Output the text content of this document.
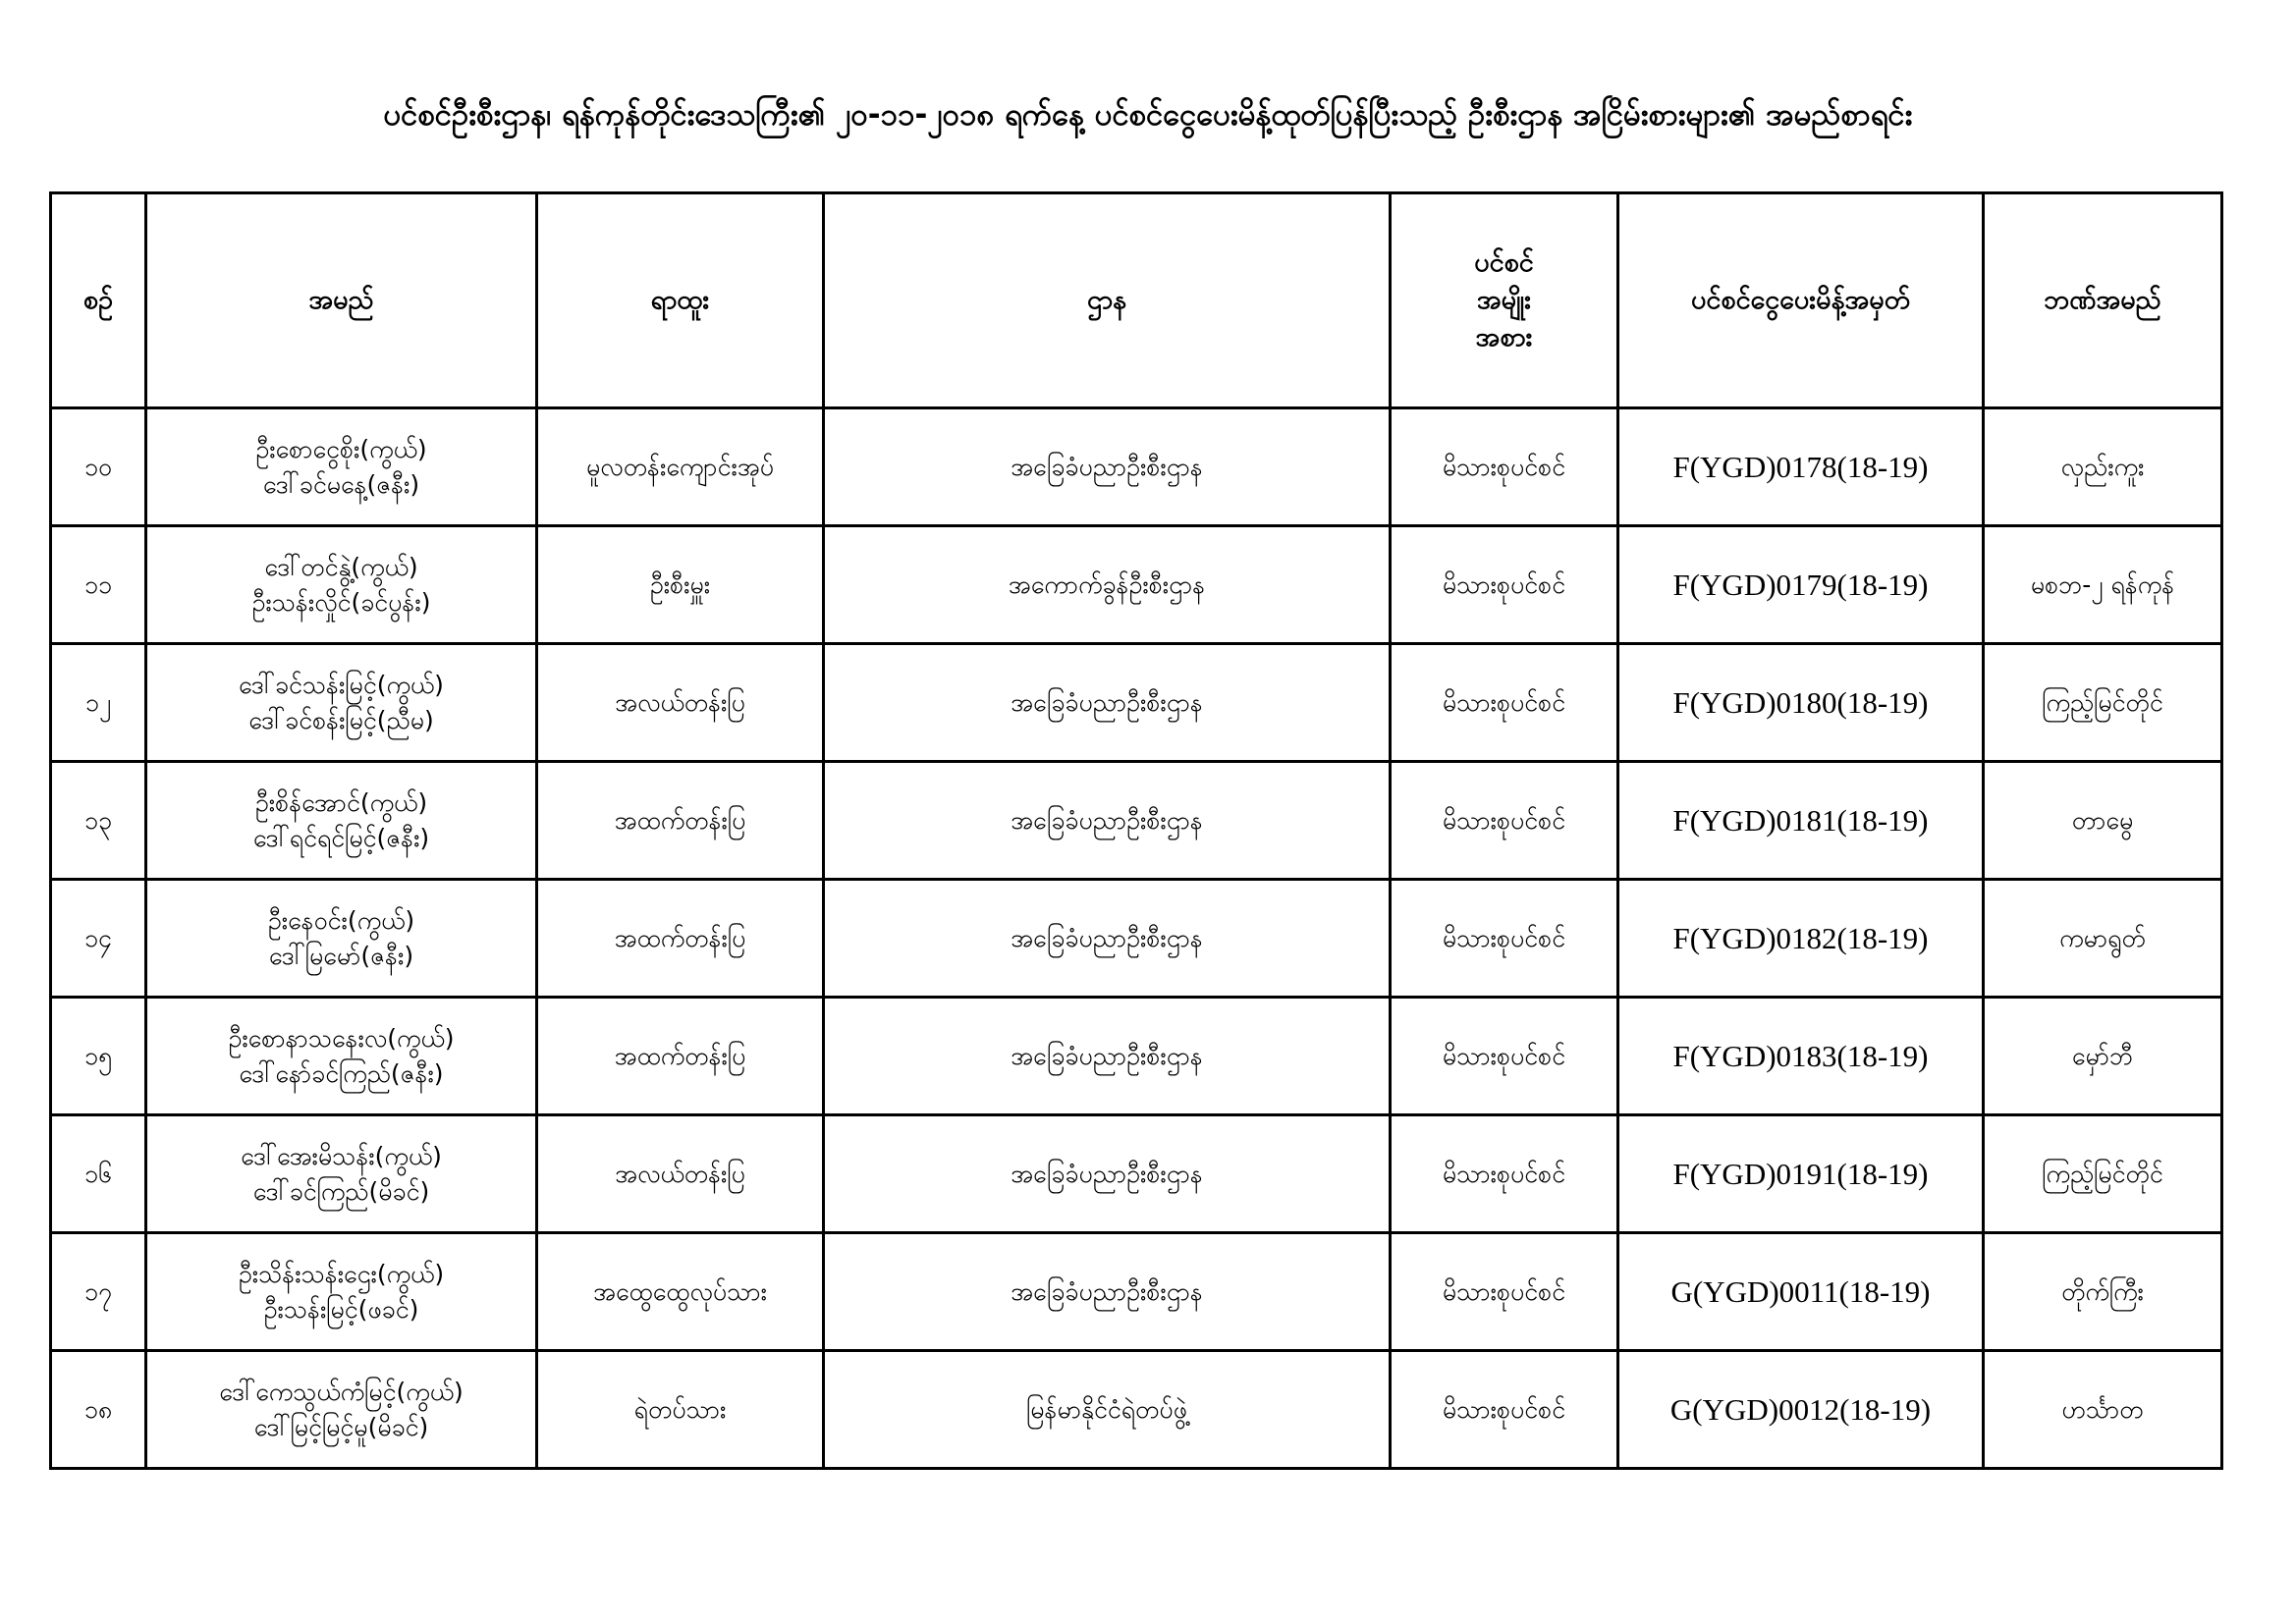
ပင်စင်ဦးစီးဌာန၊ ရန်ကုန်တိုင်းဒေသကြီး၏ ၂၀-၁၁-၂၀၁၈ ရက်နေ့ ပင်စင်ငွေပေးမိန့်ထုတ်ပြန်ပြီးသည့် ဦးစီးဌာန အငြိမ်းစားများ၏ အမည်စာရင်း
စဉ်	အမည်	ရာထူး	ဌာန	ပင်စင်
အမျိုး
အစား	ပင်စင်ငွေပေးမိန့်အမှတ်	ဘဏ်အမည်
၁၀	ဦးစောငွေစိုး(ကွယ်)
ဒေါ်ခင်မနေ့(ဇနီး)	မူလတန်းကျောင်းအုပ်	အခြေခံပညာဦးစီးဌာန	မိသားစုပင်စင်	F(YGD)0178(18-19)	လှည်းကူး
၁၁	ဒေါ်တင်နွဲ့(ကွယ်)
ဦးသန်းလှိုင်(ခင်ပွန်း)	ဦးစီးမှူး	အကောက်ခွန်ဦးစီးဌာန	မိသားစုပင်စင်	F(YGD)0179(18-19)	မစဘ-၂ ရန်ကုန်
၁၂	ဒေါ်ခင်သန်းမြင့်(ကွယ်)
ဒေါ်ခင်စန်းမြင့်(ညီမ)	အလယ်တန်းပြ	အခြေခံပညာဦးစီးဌာန	မိသားစုပင်စင်	F(YGD)0180(18-19)	ကြည့်မြင်တိုင်
၁၃	ဦးစိန်အောင်(ကွယ်)
ဒေါ်ရင်ရင်မြင့်(ဇနီး)	အထက်တန်းပြ	အခြေခံပညာဦးစီးဌာန	မိသားစုပင်စင်	F(YGD)0181(18-19)	တာမွေ
၁၄	ဦးနေဝင်း(ကွယ်)
ဒေါ်မြမော်(ဇနီး)	အထက်တန်းပြ	အခြေခံပညာဦးစီးဌာန	မိသားစုပင်စင်	F(YGD)0182(18-19)	ကမာရွတ်
၁၅	ဦးစောနာသနေးလ(ကွယ်)
ဒေါ်နော်ခင်ကြည်(ဇနီး)	အထက်တန်းပြ	အခြေခံပညာဦးစီးဌာန	မိသားစုပင်စင်	F(YGD)0183(18-19)	မှော်ဘီ
၁၆	ဒေါ်အေးမိသန်း(ကွယ်)
ဒေါ်ခင်ကြည်(မိခင်)	အလယ်တန်းပြ	အခြေခံပညာဦးစီးဌာန	မိသားစုပင်စင်	F(YGD)0191(18-19)	ကြည့်မြင်တိုင်
၁၇	ဦးသိန်းသန်းဌေး(ကွယ်)
ဦးသန်းမြင့်(ဖခင်)	အထွေထွေလုပ်သား	အခြေခံပညာဦးစီးဌာန	မိသားစုပင်စင်	G(YGD)0011(18-19)	တိုက်ကြီး
၁၈	ဒေါ်ကေသွယ်ကံမြင့်(ကွယ်)
ဒေါ်မြင့်မြင့်မူ(မိခင်)	ရဲတပ်သား	မြန်မာနိုင်ငံရဲတပ်ဖွဲ့	မိသားစုပင်စင်	G(YGD)0012(18-19)	ဟင်္သာတ
